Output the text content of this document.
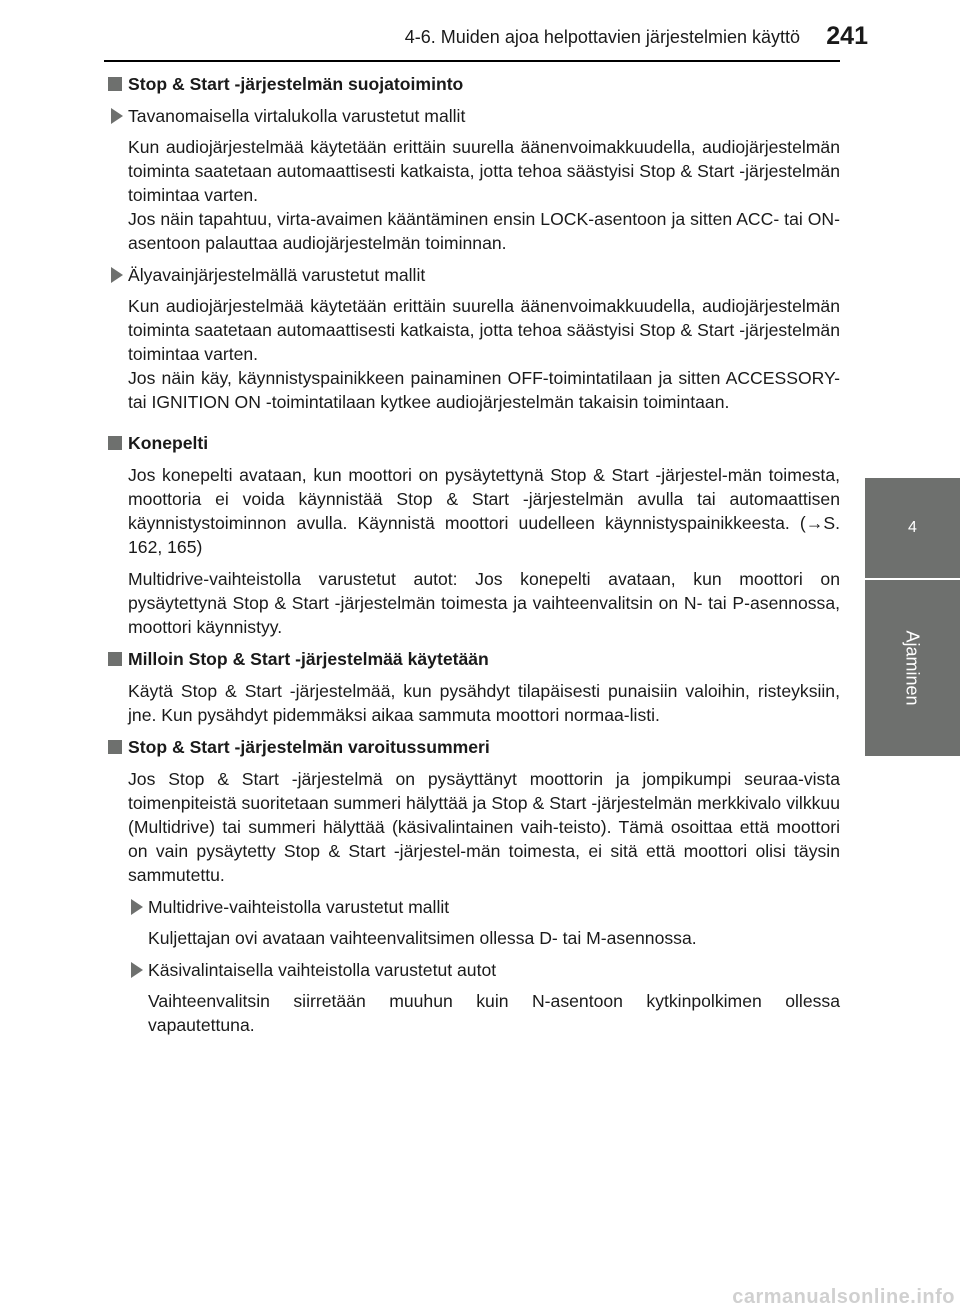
4-6. Muiden ajoa helpottavien järjestelmien käyttö	241
4
Ajaminen
Stop & Start -järjestelmän suojatoiminto
Tavanomaisella virtalukolla varustetut mallit
Kun audiojärjestelmää käytetään erittäin suurella äänenvoimakkuudella, audiojärjestelmän toiminta saatetaan automaattisesti katkaista, jotta tehoa säästyisi Stop & Start -järjestelmän toimintaa varten.
Jos näin tapahtuu, virta-avaimen kääntäminen ensin LOCK-asentoon ja sitten ACC- tai ON-asentoon palauttaa audiojärjestelmän toiminnan.
Älyavainjärjestelmällä varustetut mallit
Kun audiojärjestelmää käytetään erittäin suurella äänenvoimakkuudella, audiojärjestelmän toiminta saatetaan automaattisesti katkaista, jotta tehoa säästyisi Stop & Start -järjestelmän toimintaa varten.
Jos näin käy, käynnistyspainikkeen painaminen OFF-toimintatilaan ja sitten ACCESSORY- tai IGNITION ON -toimintatilaan kytkee audiojärjestelmän takaisin toimintaan.
Konepelti
Jos konepelti avataan, kun moottori on pysäytettynä Stop & Start -järjestel-män toimesta, moottoria ei voida käynnistää Stop & Start -järjestelmän avulla tai automaattisen käynnistystoiminnon avulla. Käynnistä moottori uudelleen käynnistyspainikkeesta. (→S. 162, 165)
Multidrive-vaihteistolla varustetut autot: Jos konepelti avataan, kun moottori on pysäytettynä Stop & Start -järjestelmän toimesta ja vaihteenvalitsin on N- tai P-asennossa, moottori käynnistyy.
Milloin Stop & Start -järjestelmää käytetään
Käytä Stop & Start -järjestelmää, kun pysähdyt tilapäisesti punaisiin valoihin, risteyksiin, jne. Kun pysähdyt pidemmäksi aikaa sammuta moottori normaa-listi.
Stop & Start -järjestelmän varoitussummeri
Jos Stop & Start -järjestelmä on pysäyttänyt moottorin ja jompikumpi seuraa-vista toimenpiteistä suoritetaan summeri hälyttää ja Stop & Start -järjestelmän merkkivalo vilkkuu (Multidrive) tai summeri hälyttää (käsivalintainen vaih-teisto). Tämä osoittaa että moottori on vain pysäytetty Stop & Start -järjestel-män toimesta, ei sitä että moottori olisi täysin sammutettu.
Multidrive-vaihteistolla varustetut mallit
Kuljettajan ovi avataan vaihteenvalitsimen ollessa D- tai M-asennossa.
Käsivalintaisella vaihteistolla varustetut autot
Vaihteenvalitsin siirretään muuhun kuin N-asentoon kytkinpolkimen ollessa vapautettuna.
carmanualsonline.info
